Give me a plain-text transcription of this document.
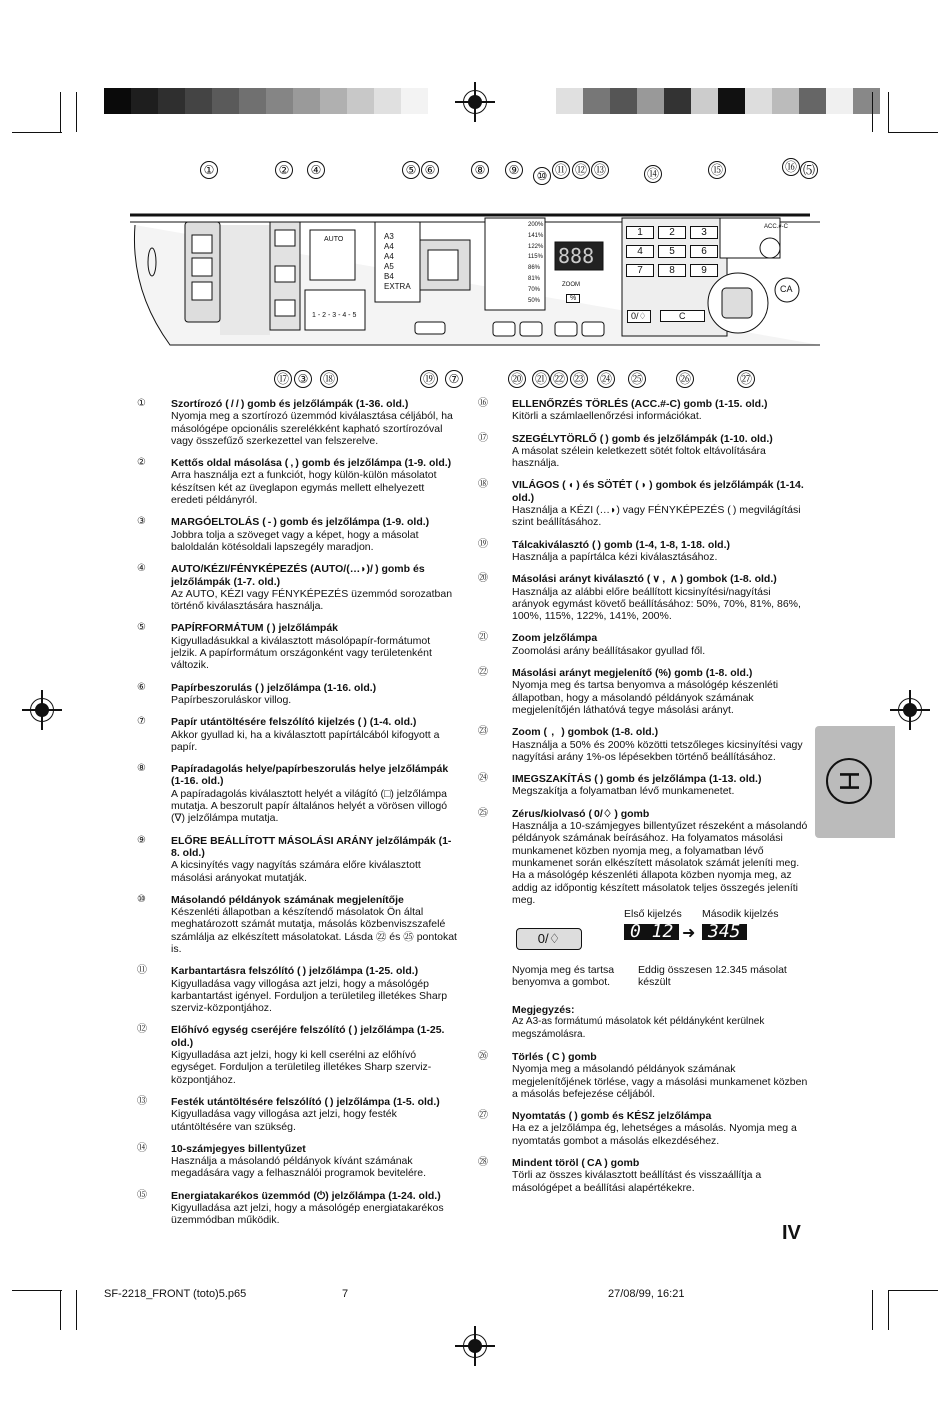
①	②	④	⑤ ⑥	⑧	⑨	⑩ ⑪ ⑫ ⑬	⑭	⑮	⑯ ⑸
AUTO	A3
A4
A4
A5
B4
EXTRA
200%
141%
122%
115%
86%
81%
70%
50%
1 - 2 - 3 - 4 - 5
ZOOM
%
888
1	2	3
4	5	6
7	8	9
0/♢	C
ACC.#-C
CA
⑰ ③	⑱	⑲	⑦	⑳ ㉑ ㉒ ㉓ ㉔ ㉕	㉖	㉗
① Szortírozó ( / / ) gomb és jelzőlámpák (1-36. old.)
Nyomja meg a szortírozó üzemmód kiválasztása céljából, ha másológépe opcionális szerelékként kapható szortírozóval vagy összefűző szerkezettel van felszerelve.
② Kettős oldal másolása ( , ) gomb és jelzőlámpa (1-9. old.)
Arra használja ezt a funkciót, hogy külön-külön másolatot készítsen két az üveglapon egymás mellett elhelyezett eredeti példányról.
③ MARGÓELTOLÁS ( - ) gomb és jelzőlámpa (1-9. old.)
Jobbra tolja a szöveget vagy a képet, hogy a másolat baloldalán kötésoldali lapszegély maradjon.
④ AUTO/KÉZI/FÉNYKÉPEZÉS (AUTO/(…◗)/ ) gomb és jelzőlámpák (1-7. old.)
Az AUTO, KÉZI vagy FÉNYKÉPEZÉS üzemmód sorozatban történő kiválasztására használja.
⑤ PAPÍRFORMÁTUM ( ) jelzőlámpák
Kigyulladásukkal a kiválasztott másolópapír-formátumot jelzik. A papírformátum országonként vagy területenként változik.
⑥ Papírbeszorulás ( ) jelzőlámpa (1-16. old.)
Papírbeszoruláskor villog.
⑦ Papír utántöltésére felszólító kijelzés ( ) (1-4. old.)
Akkor gyullad ki, ha a kiválasztott papírtálcából kifogyott a papír.
⑧ Papíradagolás helye/papírbeszorulás helye jelzőlámpák (1-16. old.)
A papíradagolás kiválasztott helyét a világító (□) jelzőlámpa mutatja. A beszorult papír általános helyét a vörösen villogó (∇) jelzőlámpa mutatja.
⑨ ELŐRE BEÁLLÍTOTT MÁSOLÁSI ARÁNY jelzőlámpák (1-8. old.)
A kicsinyítés vagy nagyítás számára előre kiválasztott másolási arányokat mutatják.
⑩ Másolandó példányok számának megjelenítője
Készenléti állapotban a készítendő másolatok Ön által meghatározott számát mutatja, másolás közbenviszszafelé számlálja az elkészített másolatokat. Lásda ㉒ és ㉕ pontokat is.
⑪ Karbantartásra felszólító ( ) jelzőlámpa (1-25. old.)
Kigyulladása vagy villogása azt jelzi, hogy a másológép karbantartást igényel. Forduljon a területileg illetékes Sharp szerviz-központjához.
⑫ Előhívó egység cseréjére felszólító ( ) jelzőlámpa (1-25. old.)
Kigyulladása azt jelzi, hogy ki kell cserélni az előhívó egységet. Forduljon a területileg illetékes Sharp szerviz-központjához.
⑬ Festék utántöltésére felszólító ( ) jelzőlámpa (1-5. old.)
Kigyulladása vagy villogása azt jelzi, hogy festék utántöltésére van szükség.
⑭ 10-számjegyes billentyűzet
Használja a másolandó példányok kívánt számának megadására vagy a felhasználói programok bevitelére.
⑮ Energiatakarékos üzemmód (⏻) jelzőlámpa (1-24. old.)
Kigyulladása azt jelzi, hogy a másológép energiatakarékos üzemmódban működik.
⑯ ELLENŐRZÉS TÖRLÉS (ACC.#-C) gomb (1-15. old.)
Kitörli a számlaellenőrzési információkat.
⑰ SZEGÉLYTÖRLŐ ( ) gomb és jelzőlámpák (1-10. old.)
A másolat szélein keletkezett sötét foltok eltávolítására használja.
⑱ VILÁGOS ( ◖ ) és SÖTÉT ( ◗ ) gombok és jelzőlámpák (1-14. old.)
Használja a KÉZI (…◗) vagy FÉNYKÉPEZÉS ( ) megvilágítási szint beállításához.
⑲ Tálcakiválasztó ( ) gomb (1-4, 1-8, 1-18. old.)
Használja a papírtálca kézi kiválasztásához.
⑳ Másolási arányt kiválasztó ( ∨ ,  ∧ ) gombok (1-8. old.)
Használja az alábbi előre beállított kicsinyítési/nagyítási arányok egymást követő beállításához: 50%, 70%, 81%, 86%, 100%, 115%, 122%, 141%, 200%.
㉑ Zoom jelzőlámpa
Zoomolási arány beállításakor gyullad fől.
㉒ Másolási arányt megjelenítő (%) gomb (1-8. old.)
Nyomja meg és tartsa benyomva a másológép készenléti állapotban, hogy a másolandó példányok számának megjelenítőjén láthatóvá tegye másolási arányt.
㉓ Zoom (  ,   ) gombok (1-8. old.)
Használja a 50% és 200% közötti tetszőleges kicsinyítési vagy nagyítási arány 1%-os lépésekben történő beállításához.
㉔ IMEGSZAKÍTÁS ( ) gomb és jelzőlámpa (1-13. old.)
Megszakítja a folyamatban lévő munkamenetet.
㉕ Zérus/kiolvasó ( 0/♢ ) gomb
Használja a 10-számjegyes billentyűzet részeként a másolandó példányok számának beírásához. Ha folyamatos másolási munkamenet közben nyomja meg, a folyamatban lévő munkamenet során elkészített másolatok számát jeleníti meg. Ha a másológép készenléti állapota közben nyomja meg, az addig az időpontig készített másolatok teljes összegés jeleníti meg.
Első kijelzés Második kijelzés
0/♢	0 12 ➜ 345
Nyomja meg és tartsa benyomva a gombot.
Eddig összesen 12.345 másolat készült
Megjegyzés:
Az A3-as formátumú másolatok két példányként kerülnek megszámolásra.
㉖ Törlés ( C ) gomb
Nyomja meg a másolandó példányok számának megjelenítőjének törlése, vagy a másolási munkamenet közben a másolás befejezése céljából.
㉗ Nyomtatás ( ) gomb és KÉSZ jelzőlámpa
Ha ez a jelzőlámpa ég, lehetséges a másolás. Nyomja meg a nyomtatás gombot a másolás elkezdéséhez.
㉘ Mindent töröl ( CA ) gomb
Törli az összes kiválasztott beállítást és visszaállítja a másológépet a beállítási alapértékekre.
H
IV
SF-2218_FRONT (toto)5.p65	7	27/08/99, 16:21
